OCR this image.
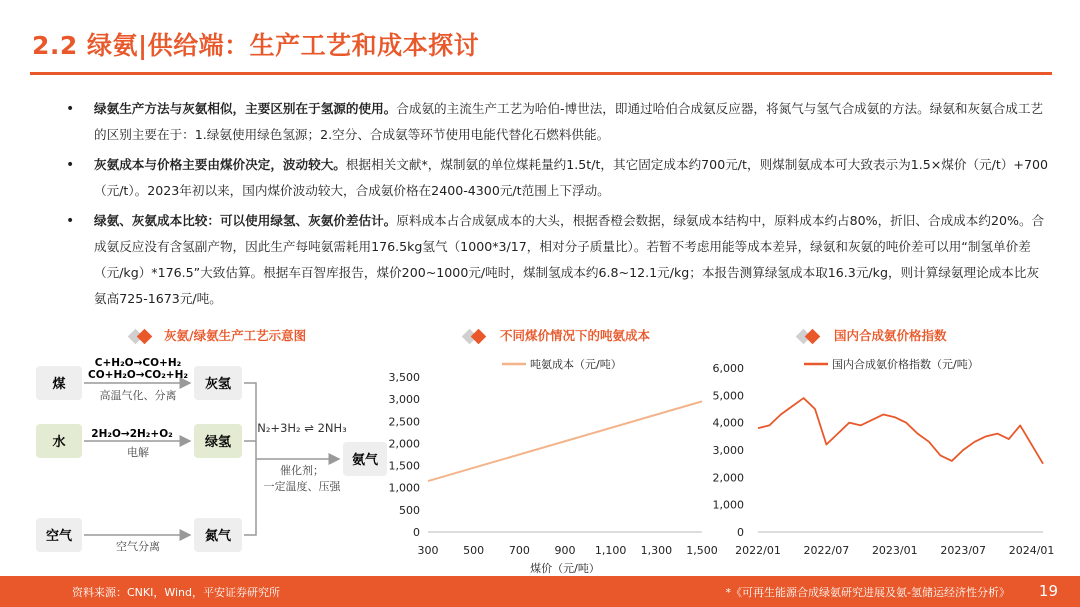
2.2 绿氨|供给端：生产工艺和成本探讨
• 绿氨生产方法与灰氨相似，主要区别在于氢源的使用。合成氨的主流生产工艺为哈伯-博世法，即通过哈伯合成氨反应器，将氮气与氢气合成氨的方法。绿氨和灰氨合成工艺的区别主要在于：1.绿氨使用绿色氢源；2.空分、合成氨等环节使用电能代替化石燃料供能。
• 灰氨成本与价格主要由煤价决定，波动较大。根据相关文献*，煤制氨的单位煤耗量约1.5t/t，其它固定成本约700元/t，则煤制氨成本可大致表示为1.5×煤价（元/t）+700（元/t）。2023年初以来，国内煤价波动较大，合成氨价格在2400-4300元/t范围上下浮动。
• 绿氨、灰氨成本比较：可以使用绿氢、灰氨价差估计。原料成本占合成氨成本的大头，根据香橙会数据，绿氨成本结构中，原料成本约占80%，折旧、合成成本约20%。合成氨反应没有含氢副产物，因此生产每吨氨需耗用176.5kg氢气（1000*3/17，相对分子质量比）。若暂不考虑用能等成本差异，绿氨和灰氨的吨价差可以用“制氢单价差（元/kg）*176.5”大致估算。根据车百智库报告，煤价200~1000元/吨时，煤制氢成本约6.8~12.1元/kg；本报告测算绿氢成本取16.3元/kg，则计算绿氨理论成本比灰氨高725-1673元/吨。
灰氨/绿氨生产工艺示意图	不同煤价情况下的吨氨成本	国内合成氨价格指数
煤
水
空气
灰氢
绿氢
氮气
氨气
C+H₂O→CO+H₂
CO+H₂O→CO₂+H₂
高温气化、分离
2H₂O→2H₂+O₂
电解
空气分离
N₂+3H₂ ⇌ 2NH₃
催化剂；
一定温度、压强
0
500
1,000
1,500
2,000
2,500
3,000
3,500
300 500 700 900 1,100 1,300 1,500
煤价（元/吨）
吨氨成本（元/吨）
0
1,000
2,000
3,000
4,000
5,000
6,000
2022/01 2022/07 2023/01 2023/07 2024/01
国内合成氨价格指数（元/吨）
资料来源：CNKI，Wind，平安证券研究所	*《可再生能源合成绿氨研究进展及氨-氢储运经济性分析》 19
